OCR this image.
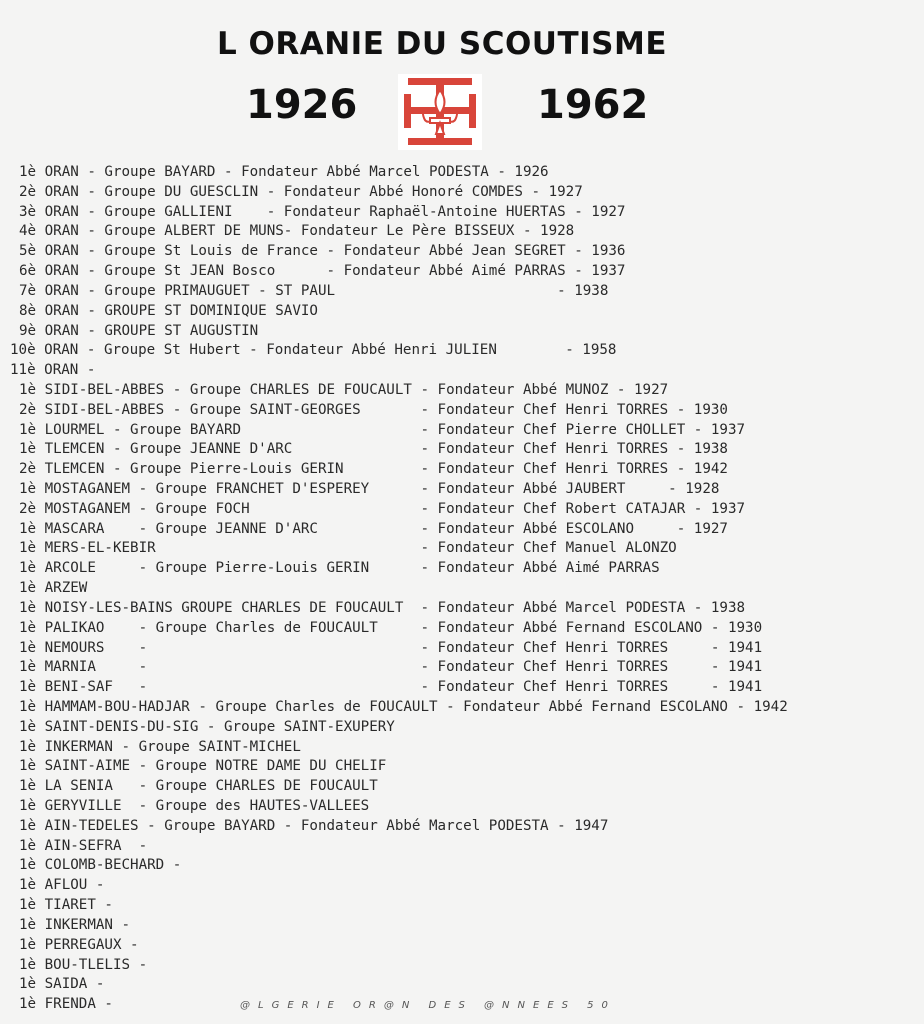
L ORANIE DU SCOUTISME
1926	1962
1è ORAN - Groupe BAYARD - Fondateur Abbé Marcel PODESTA - 1926
2è ORAN - Groupe DU GUESCLIN - Fondateur Abbé Honoré COMDES - 1927
3è ORAN - Groupe GALLIENI    - Fondateur Raphaël-Antoine HUERTAS - 1927
4è ORAN - Groupe ALBERT DE MUNS- Fondateur Le Père BISSEUX - 1928
5è ORAN - Groupe St Louis de France - Fondateur Abbé Jean SEGRET - 1936
6è ORAN - Groupe St JEAN Bosco      - Fondateur Abbé Aimé PARRAS - 1937
7è ORAN - Groupe PRIMAUGUET - ST PAUL                          - 1938
8è ORAN - GROUPE ST DOMINIQUE SAVIO
9è ORAN - GROUPE ST AUGUSTIN
10è ORAN - Groupe St Hubert - Fondateur Abbé Henri JULIEN        - 1958
11è ORAN -
1è SIDI-BEL-ABBES - Groupe CHARLES DE FOUCAULT - Fondateur Abbé MUNOZ - 1927
2è SIDI-BEL-ABBES - Groupe SAINT-GEORGES       - Fondateur Chef Henri TORRES - 1930
1è LOURMEL - Groupe BAYARD                     - Fondateur Chef Pierre CHOLLET - 1937
1è TLEMCEN - Groupe JEANNE D'ARC               - Fondateur Chef Henri TORRES - 1938
2è TLEMCEN - Groupe Pierre-Louis GERIN         - Fondateur Chef Henri TORRES - 1942
1è MOSTAGANEM - Groupe FRANCHET D'ESPEREY      - Fondateur Abbé JAUBERT     - 1928
2è MOSTAGANEM - Groupe FOCH                    - Fondateur Chef Robert CATAJAR - 1937
1è MASCARA    - Groupe JEANNE D'ARC            - Fondateur Abbé ESCOLANO     - 1927
1è MERS-EL-KEBIR                               - Fondateur Chef Manuel ALONZO
1è ARCOLE     - Groupe Pierre-Louis GERIN      - Fondateur Abbé Aimé PARRAS
1è ARZEW
1è NOISY-LES-BAINS GROUPE CHARLES DE FOUCAULT  - Fondateur Abbé Marcel PODESTA - 1938
1è PALIKAO    - Groupe Charles de FOUCAULT     - Fondateur Abbé Fernand ESCOLANO - 1930
1è NEMOURS    -                                - Fondateur Chef Henri TORRES     - 1941
1è MARNIA     -                                - Fondateur Chef Henri TORRES     - 1941
1è BENI-SAF   -                                - Fondateur Chef Henri TORRES     - 1941
1è HAMMAM-BOU-HADJAR - Groupe Charles de FOUCAULT - Fondateur Abbé Fernand ESCOLANO - 1942
1è SAINT-DENIS-DU-SIG - Groupe SAINT-EXUPERY
1è INKERMAN - Groupe SAINT-MICHEL
1è SAINT-AIME - Groupe NOTRE DAME DU CHELIF
1è LA SENIA   - Groupe CHARLES DE FOUCAULT
1è GERYVILLE  - Groupe des HAUTES-VALLEES
1è AIN-TEDELES - Groupe BAYARD - Fondateur Abbé Marcel PODESTA - 1947
1è AIN-SEFRA  -
1è COLOMB-BECHARD -
1è AFLOU -
1è TIARET -
1è INKERMAN -
1è PERREGAUX -
1è BOU-TLELIS -
1è SAIDA -
1è FRENDA -	@LGERIE OR@N DES @NNEES 50
